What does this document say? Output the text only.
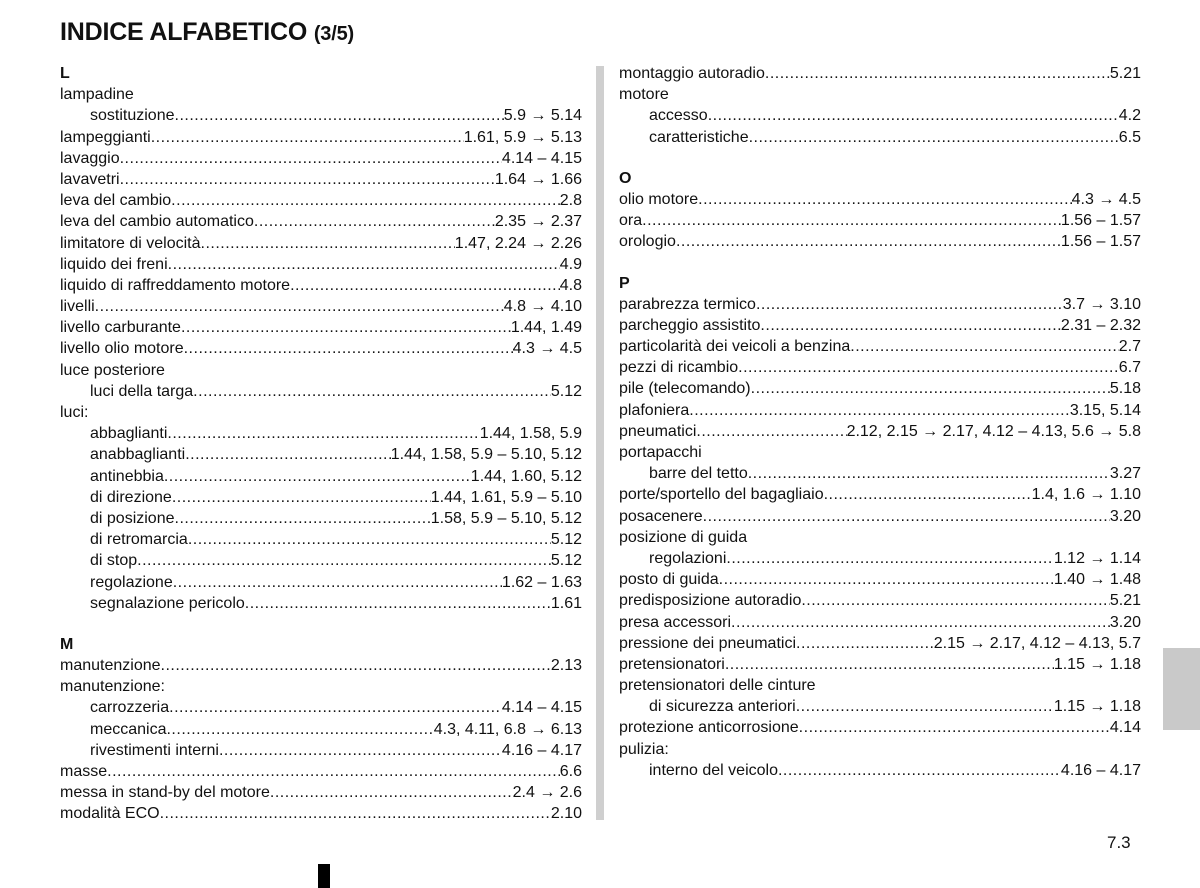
INDICE ALFABETICO (3/5)
L
lampadine
sostituzione .....	5.9 → 5.14
lampeggianti .....	1.61, 5.9 → 5.13
lavaggio .....	4.14 – 4.15
lavavetri .....	1.64 → 1.66
leva del cambio .....	2.8
leva del cambio automatico .....	2.35 → 2.37
limitatore di velocità .....	1.47, 2.24 → 2.26
liquido dei freni .....	4.9
liquido di raffreddamento motore .....	4.8
livelli .....	4.8 → 4.10
livello carburante .....	1.44, 1.49
livello olio motore .....	4.3 → 4.5
luce posteriore
luci della targa .....	5.12
luci:
abbaglianti .....	1.44, 1.58, 5.9
anabbaglianti .....	1.44, 1.58, 5.9 – 5.10, 5.12
antinebbia .....	1.44, 1.60, 5.12
di direzione .....	1.44, 1.61, 5.9 – 5.10
di posizione .....	1.58, 5.9 – 5.10, 5.12
di retromarcia .....	5.12
di stop .....	5.12
regolazione .....	1.62 – 1.63
segnalazione pericolo .....	1.61
M
manutenzione .....	2.13
manutenzione:
carrozzeria .....	4.14 – 4.15
meccanica .....	4.3, 4.11, 6.8 → 6.13
rivestimenti interni .....	4.16 – 4.17
masse .....	6.6
messa in stand-by del motore .....	2.4 → 2.6
modalità ECO .....	2.10
montaggio autoradio .....	5.21
motore
accesso .....	4.2
caratteristiche .....	6.5
O
olio motore .....	4.3 → 4.5
ora .....	1.56 – 1.57
orologio .....	1.56 – 1.57
P
parabrezza termico .....	3.7 → 3.10
parcheggio assistito .....	2.31 – 2.32
particolarità dei veicoli a benzina .....	2.7
pezzi di ricambio .....	6.7
pile (telecomando) .....	5.18
plafoniera .....	3.15, 5.14
pneumatici .....	2.12, 2.15 → 2.17, 4.12 – 4.13, 5.6 → 5.8
portapacchi
barre del tetto .....	3.27
porte/sportello del bagagliaio .....	1.4, 1.6 → 1.10
posacenere .....	3.20
posizione di guida
regolazioni .....	1.12 → 1.14
posto di guida .....	1.40 → 1.48
predisposizione autoradio .....	5.21
presa accessori .....	3.20
pressione dei pneumatici .....	2.15 → 2.17, 4.12 – 4.13, 5.7
pretensionatori .....	1.15 → 1.18
pretensionatori delle cinture
di sicurezza anteriori .....	1.15 → 1.18
protezione anticorrosione .....	4.14
pulizia:
interno del veicolo .....	4.16 – 4.17
7.3
